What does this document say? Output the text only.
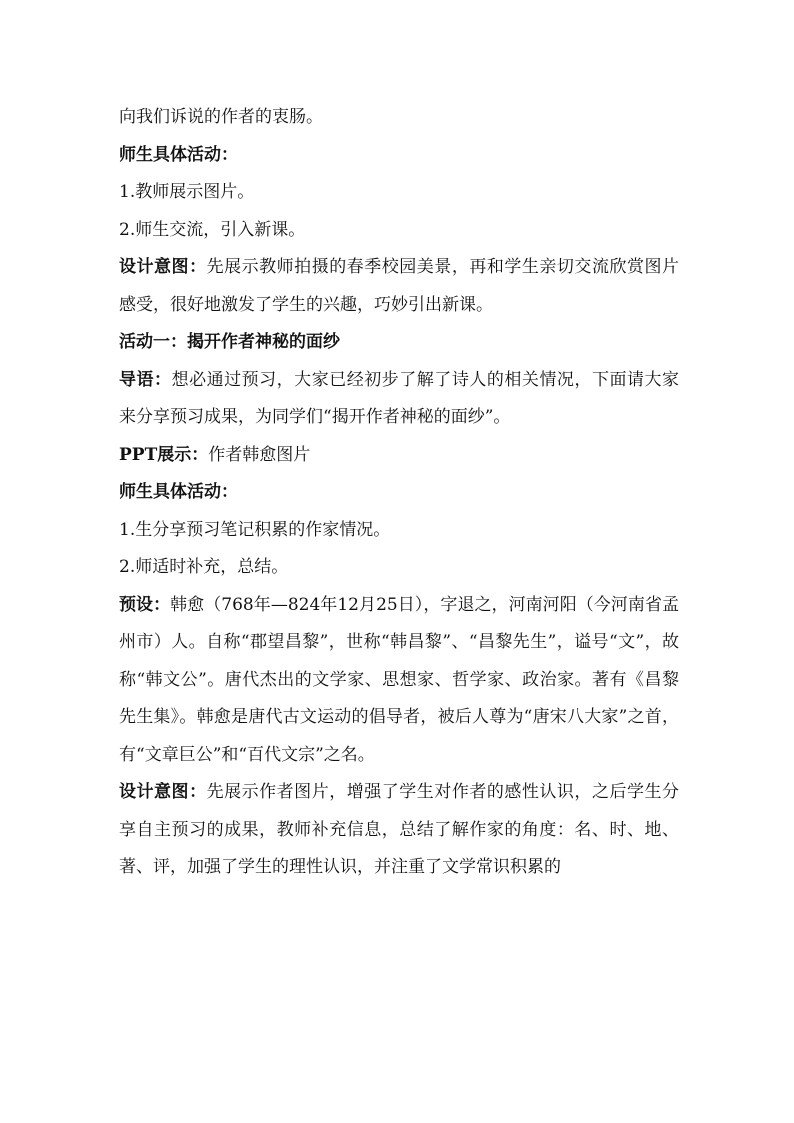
向我们诉说的作者的衷肠。

师生具体活动：

1.教师展示图片。

2.师生交流，引入新课。

设计意图：先展示教师拍摄的春季校园美景，再和学生亲切交流欣赏图片感受，很好地激发了学生的兴趣，巧妙引出新课。

活动一：揭开作者神秘的面纱

导语：想必通过预习，大家已经初步了解了诗人的相关情况，下面请大家来分享预习成果，为同学们“揭开作者神秘的面纱”。

PPT展示：作者韩愈图片

师生具体活动：

1.生分享预习笔记积累的作家情况。

2.师适时补充，总结。

预设：韩愈（768年—824年12月25日），字退之，河南河阳（今河南省孟州市）人。自称“郡望昌黎”，世称“韩昌黎”、“昌黎先生”，谥号“文”，故称“韩文公”。唐代杰出的文学家、思想家、哲学家、政治家。著有《昌黎先生集》。韩愈是唐代古文运动的倡导者，被后人尊为“唐宋八大家”之首，有“文章巨公”和“百代文宗”之名。

设计意图：先展示作者图片，增强了学生对作者的感性认识，之后学生分享自主预习的成果，教师补充信息，总结了解作家的角度：名、时、地、著、评，加强了学生的理性认识，并注重了文学常识积累的
